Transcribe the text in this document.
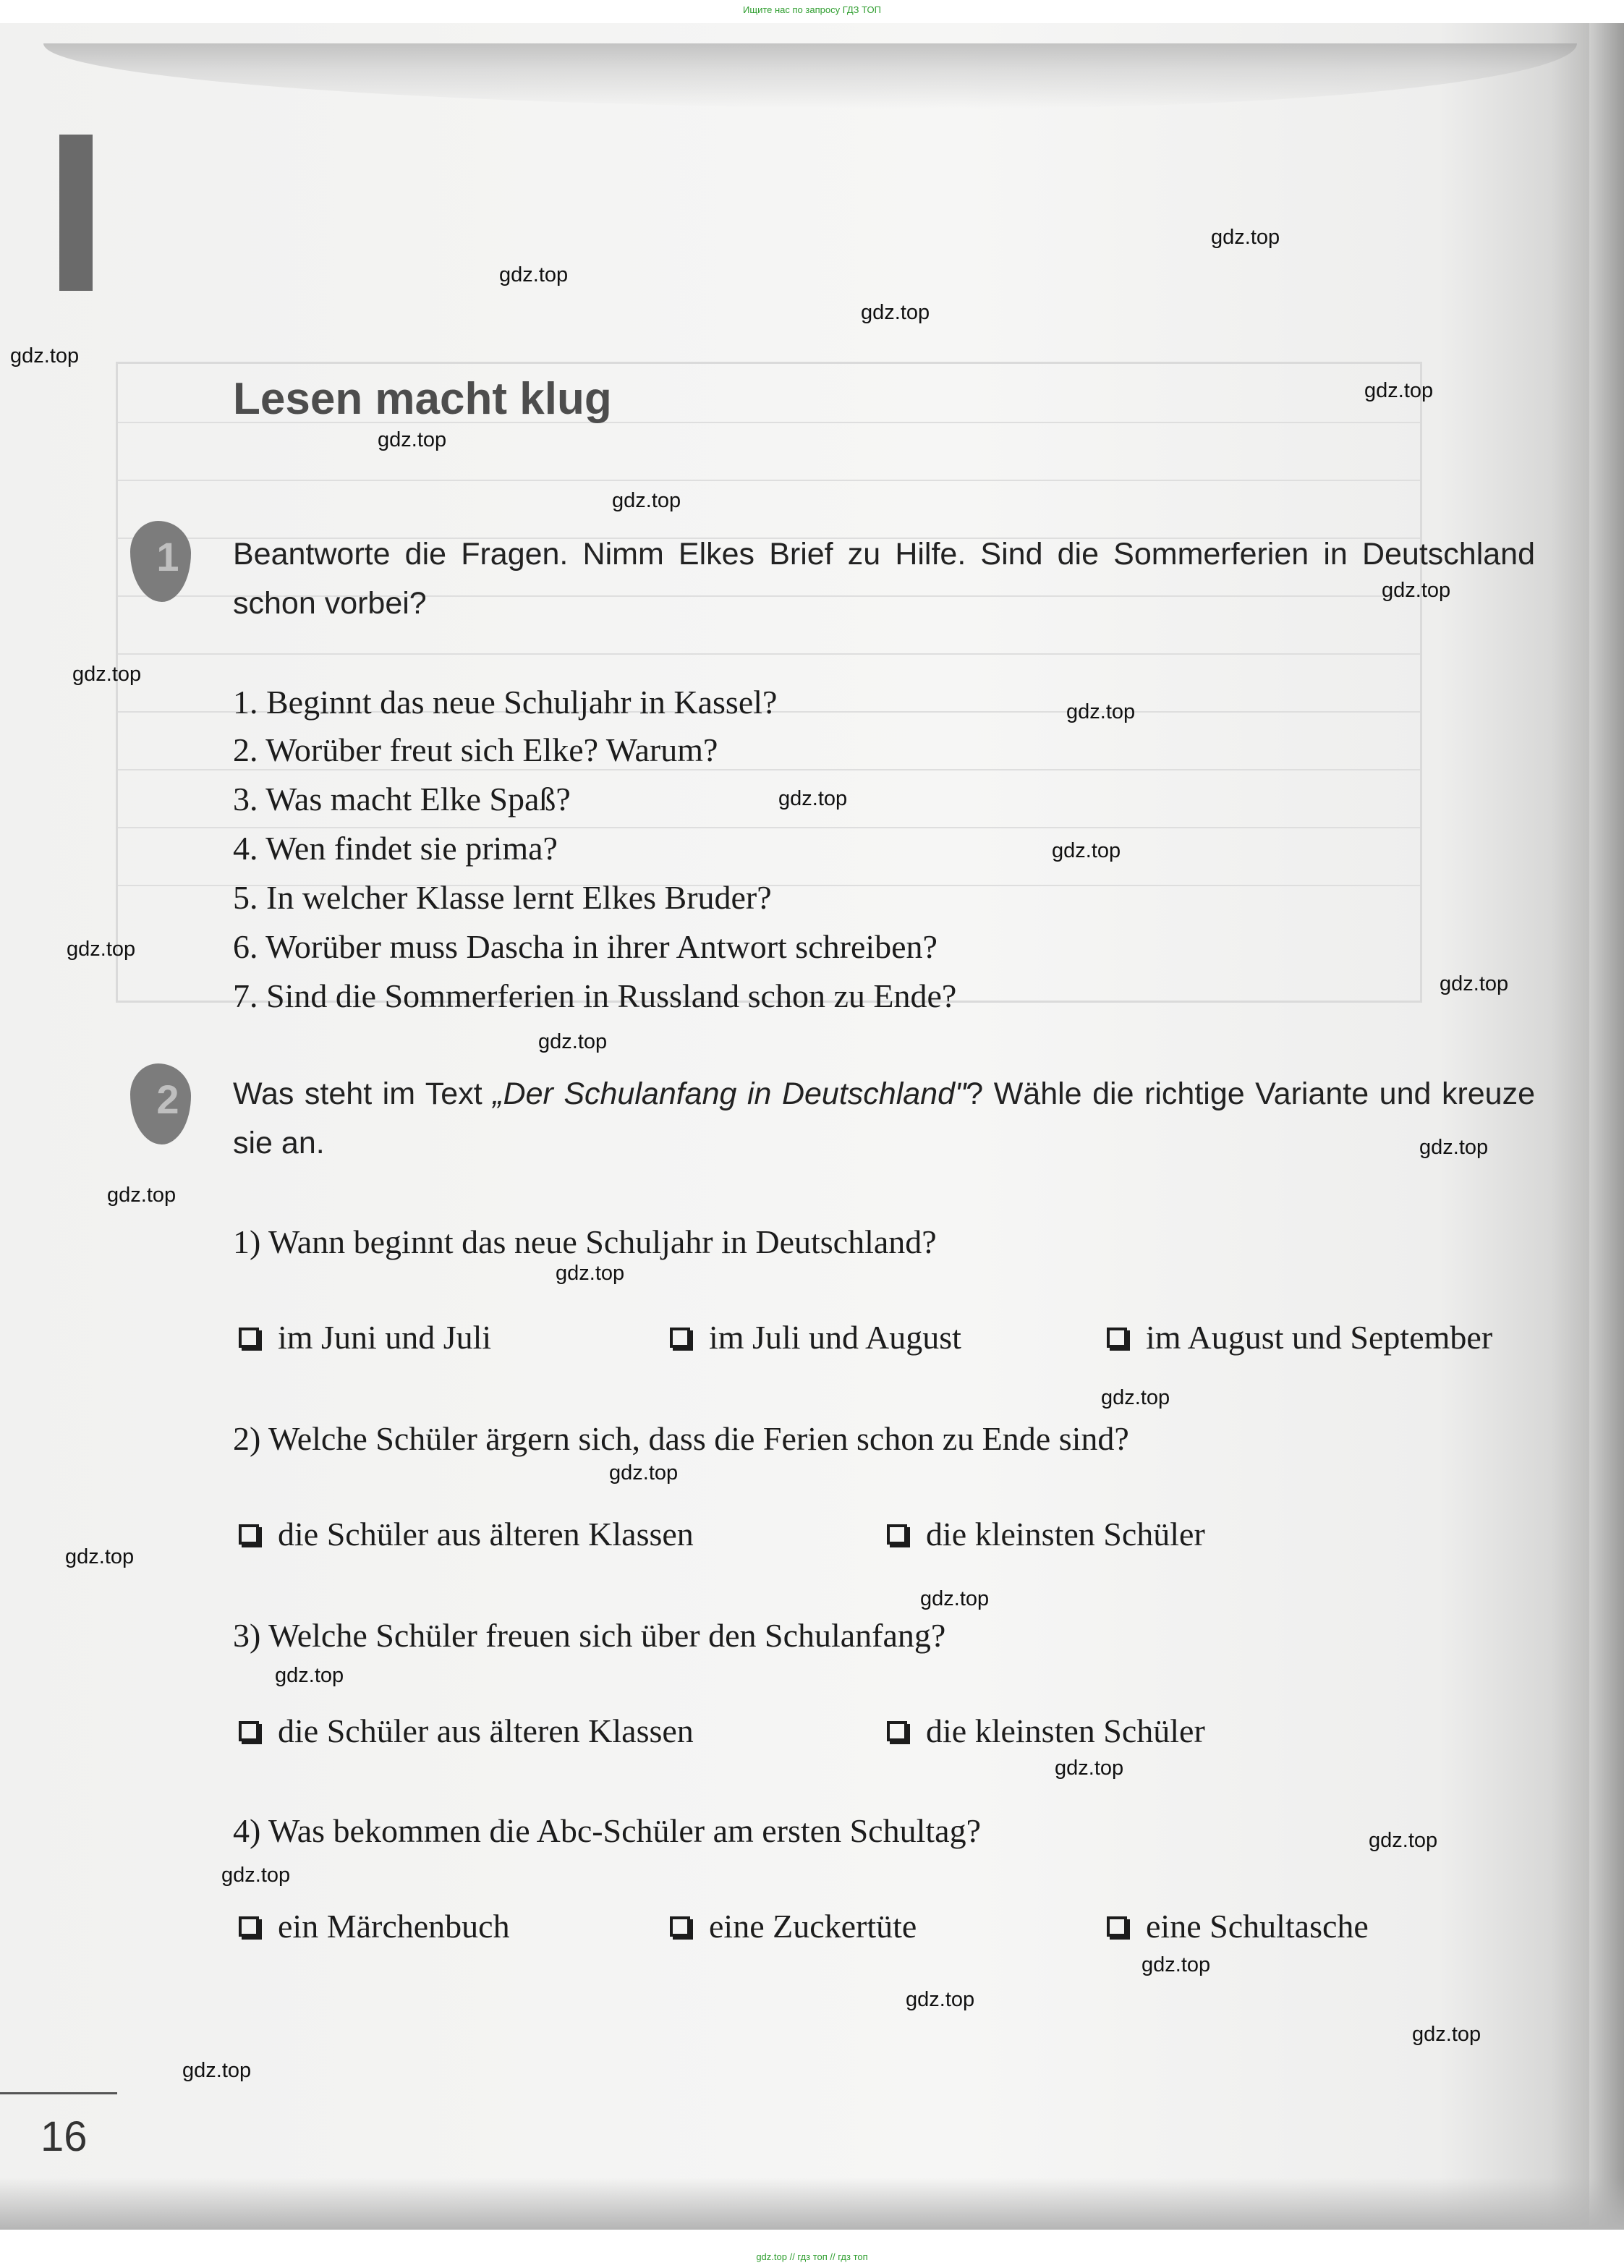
Ищите нас по запросу ГДЗ ТОП
Lesen macht klug
1 Beantworte die Fragen. Nimm Elkes Brief zu Hilfe. Sind die Sommerferien in Deutschland schon vorbei?
1. Beginnt das neue Schuljahr in Kassel?
2. Worüber freut sich Elke? Warum?
3. Was macht Elke Spaß?
4. Wen findet sie prima?
5. In welcher Klasse lernt Elkes Bruder?
6. Worüber muss Dascha in ihrer Antwort schreiben?
7. Sind die Sommerferien in Russland schon zu Ende?
2 Was steht im Text „Der Schulanfang in Deutschland"? Wähle die richtige Variante und kreuze sie an.
1) Wann beginnt das neue Schuljahr in Deutschland?
im Juni und Juli	im Juli und August	im August und September
2) Welche Schüler ärgern sich, dass die Ferien schon zu Ende sind?
die Schüler aus älteren Klassen	die kleinsten Schüler
3) Welche Schüler freuen sich über den Schulanfang?
die Schüler aus älteren Klassen	die kleinsten Schüler
4) Was bekommen die Abc-Schüler am ersten Schultag?
ein Märchenbuch	eine Zuckertüte	eine Schultasche
gdz.top
gdz.top
gdz.top
gdz.top
gdz.top
gdz.top
gdz.top
gdz.top
gdz.top
gdz.top
gdz.top
gdz.top
gdz.top
gdz.top
gdz.top
gdz.top
gdz.top
gdz.top
gdz.top
gdz.top
gdz.top
gdz.top
gdz.top
gdz.top
gdz.top
gdz.top
gdz.top
gdz.top
gdz.top
gdz.top
16
gdz.top // гдз топ // гдз топ
